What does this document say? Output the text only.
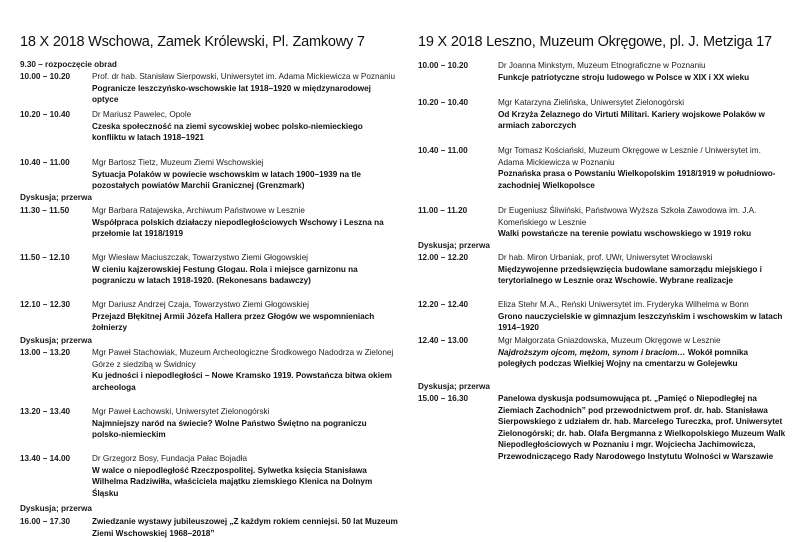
18 X 2018 Wschowa, Zamek Królewski, Pl. Zamkowy 7
9.30 – rozpoczęcie obrad
10.00 – 10.20	Prof. dr hab. Stanisław Sierpowski, Uniwersytet im. Adama Mickiewicza w Poznaniu
Pogranicze leszczyńsko-wschowskie lat 1918–1920 w międzynarodowej optyce
10.20 – 10.40	Dr Mariusz Pawelec, Opole
Czeska społeczność na ziemi sycowskiej wobec polsko-niemieckiego konfliktu w latach 1918–1921
10.40 – 11.00	Mgr Bartosz Tietz, Muzeum Ziemi Wschowskiej
Sytuacja Polaków w powiecie wschowskim w latach 1900–1939 na tle pozostałych powiatów Marchii Granicznej (Grenzmark)
Dyskusja; przerwa
11.30 – 11.50	Mgr Barbara Ratajewska, Archiwum Państwowe w Lesznie
Współpraca polskich działaczy niepodległościowych Wschowy i Leszna na przełomie lat 1918/1919
11.50 – 12.10	Mgr Wiesław Maciuszczak, Towarzystwo Ziemi Głogowskiej
W cieniu kajzerowskiej Festung Glogau. Rola i miejsce garnizonu na pograniczu w latach 1918-1920. (Rekonesans badawczy)
12.10 – 12.30	Mgr Dariusz Andrzej Czaja, Towarzystwo Ziemi Głogowskiej
Przejazd Błękitnej Armii Józefa Hallera przez Głogów we wspomnieniach żołnierzy
Dyskusja; przerwa
13.00 – 13.20	Mgr Paweł Stachowiak, Muzeum Archeologiczne Środkowego Nadodrza w Zielonej Górze z siedzibą w Świdnicy
Ku jedności i niepodległości – Nowe Kramsko 1919. Powstańcza bitwa okiem archeologa
13.20 – 13.40	Mgr Paweł Łachowski, Uniwersytet Zielonogórski
Najmniejszy naród na świecie? Wolne Państwo Świętno na pograniczu polsko-niemieckim
13.40 – 14.00	Dr Grzegorz Bosy, Fundacja Pałac Bojadła
W walce o niepodległość Rzeczpospolitej. Sylwetka księcia Stanisława Wilhelma Radziwiłła, właściciela majątku ziemskiego Klenica na Dolnym Śląsku
Dyskusja; przerwa
16.00 – 17.30	Zwiedzanie wystawy jubileuszowej „Z każdym rokiem cenniejsi. 50 lat Muzeum Ziemi Wschowskiej 1968–2018”
19 X 2018 Leszno, Muzeum Okręgowe, pl. J. Metziga 17
10.00 – 10.20	Dr Joanna Minkstym, Muzeum Etnograficzne w Poznaniu
Funkcje patriotyczne stroju ludowego w Polsce w XIX i XX wieku
10.20 – 10.40	Mgr Katarzyna Zielińska, Uniwersytet Zielonogórski
Od Krzyża Żelaznego do Virtuti Militari. Kariery wojskowe Polaków w armiach zaborczych
10.40 – 11.00	Mgr Tomasz Kościański, Muzeum Okręgowe w Lesznie / Uniwersytet im. Adama Mickiewicza w Poznaniu
Poznańska prasa o Powstaniu Wielkopolskim 1918/1919 w południowo-zachodniej Wielkopolsce
11.00 – 11.20	Dr Eugeniusz Śliwiński, Państwowa Wyższa Szkoła Zawodowa im. J.A. Komeńskiego w Lesznie
Walki powstańcze na terenie powiatu wschowskiego w 1919 roku
Dyskusja; przerwa
12.00 – 12.20	Dr hab. Miron Urbaniak, prof. UWr, Uniwersytet Wrocławski
Międzywojenne przedsięwzięcia budowlane samorządu miejskiego i terytorialnego w Lesznie oraz Wschowie. Wybrane realizacje
12.20 – 12.40	Eliza Stehr M.A., Reński Uniwersytet im. Fryderyka Wilhelma w Bonn
Grono nauczycielskie w gimnazjum leszczyńskim i wschowskim w latach 1914–1920
12.40 – 13.00	Mgr Małgorzata Gniazdowska, Muzeum Okręgowe w Lesznie
Najdroższym ojcom, mężom, synom i braciom… Wokół pomnika poległych podczas Wielkiej Wojny na cmentarzu w Golejewku
Dyskusja; przerwa
15.00 – 16.30	Panelowa dyskusja podsumowująca pt. „Pamięć o Niepodległej na Ziemiach Zachodnich” pod przewodnictwem prof. dr. hab. Stanisława Sierpowskiego z udziałem dr. hab. Marcelego Tureczka, prof. Uniwersytet Zielonogórski; dr. hab. Olafa Bergmanna z Wielkopolskiego Muzeum Walk Niepodległościowych w Poznaniu i mgr. Wojciecha Jachimowicza, Przewodniczącego Rady Narodowego Instytutu Wolności w Warszawie
